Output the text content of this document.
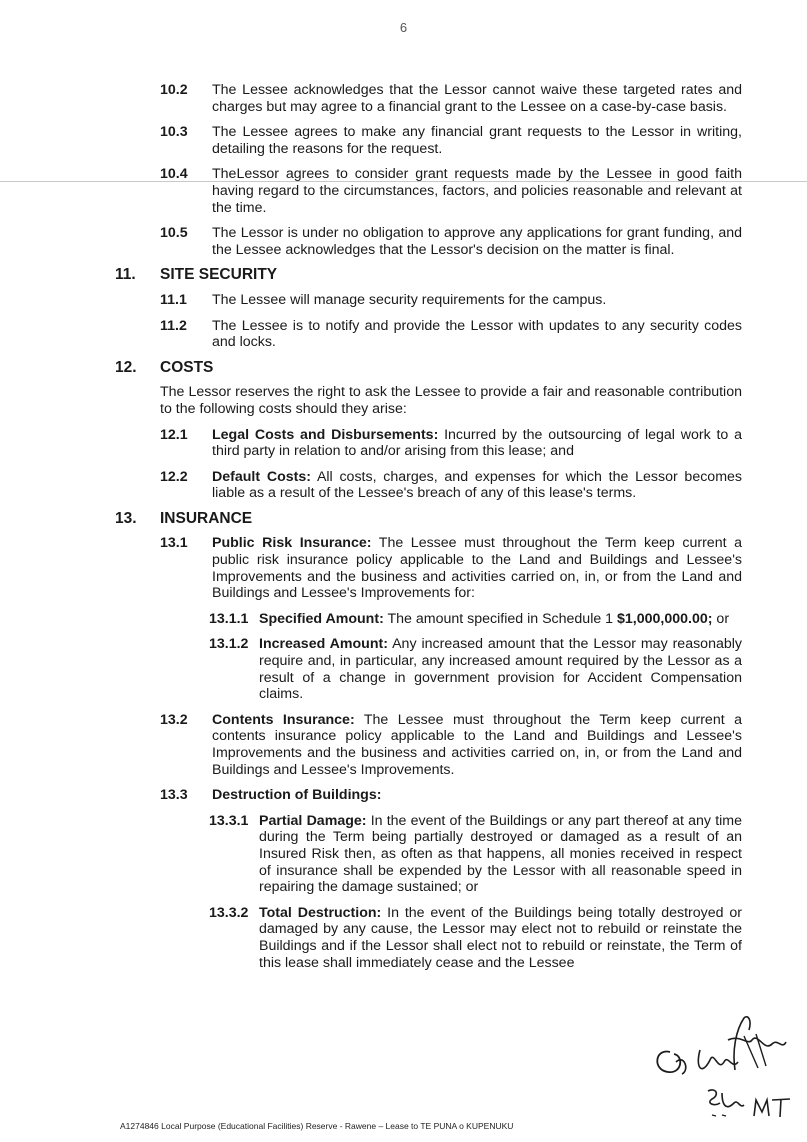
6
10.2	The Lessee acknowledges that the Lessor cannot waive these targeted rates and charges but may agree to a financial grant to the Lessee on a case-by-case basis.
10.3	The Lessee agrees to make any financial grant requests to the Lessor in writing, detailing the reasons for the request.
10.4	TheLessor agrees to consider grant requests made by the Lessee in good faith having regard to the circumstances, factors, and policies reasonable and relevant at the time.
10.5	The Lessor is under no obligation to approve any applications for grant funding, and the Lessee acknowledges that the Lessor's decision on the matter is final.
11.	SITE SECURITY
11.1	The Lessee will manage security requirements for the campus.
11.2	The Lessee is to notify and provide the Lessor with updates to any security codes and locks.
12.	COSTS
The Lessor reserves the right to ask the Lessee to provide a fair and reasonable contribution to the following costs should they arise:
12.1	Legal Costs and Disbursements: Incurred by the outsourcing of legal work to a third party in relation to and/or arising from this lease; and
12.2	Default Costs: All costs, charges, and expenses for which the Lessor becomes liable as a result of the Lessee's breach of any of this lease's terms.
13.	INSURANCE
13.1	Public Risk Insurance: The Lessee must throughout the Term keep current a public risk insurance policy applicable to the Land and Buildings and Lessee's Improvements and the business and activities carried on, in, or from the Land and Buildings and Lessee's Improvements for:
13.1.1 Specified Amount: The amount specified in Schedule 1 $1,000,000.00; or
13.1.2 Increased Amount: Any increased amount that the Lessor may reasonably require and, in particular, any increased amount required by the Lessor as a result of a change in government provision for Accident Compensation claims.
13.2	Contents Insurance: The Lessee must throughout the Term keep current a contents insurance policy applicable to the Land and Buildings and Lessee's Improvements and the business and activities carried on, in, or from the Land and Buildings and Lessee's Improvements.
13.3	Destruction of Buildings:
13.3.1 Partial Damage: In the event of the Buildings or any part thereof at any time during the Term being partially destroyed or damaged as a result of an Insured Risk then, as often as that happens, all monies received in respect of insurance shall be expended by the Lessor with all reasonable speed in repairing the damage sustained; or
13.3.2 Total Destruction: In the event of the Buildings being totally destroyed or damaged by any cause, the Lessor may elect not to rebuild or reinstate the Buildings and if the Lessor shall elect not to rebuild or reinstate, the Term of this lease shall immediately cease and the Lessee
A1274846 Local Purpose (Educational Facilities) Reserve - Rawene – Lease to TE PUNA o KUPENUKU
